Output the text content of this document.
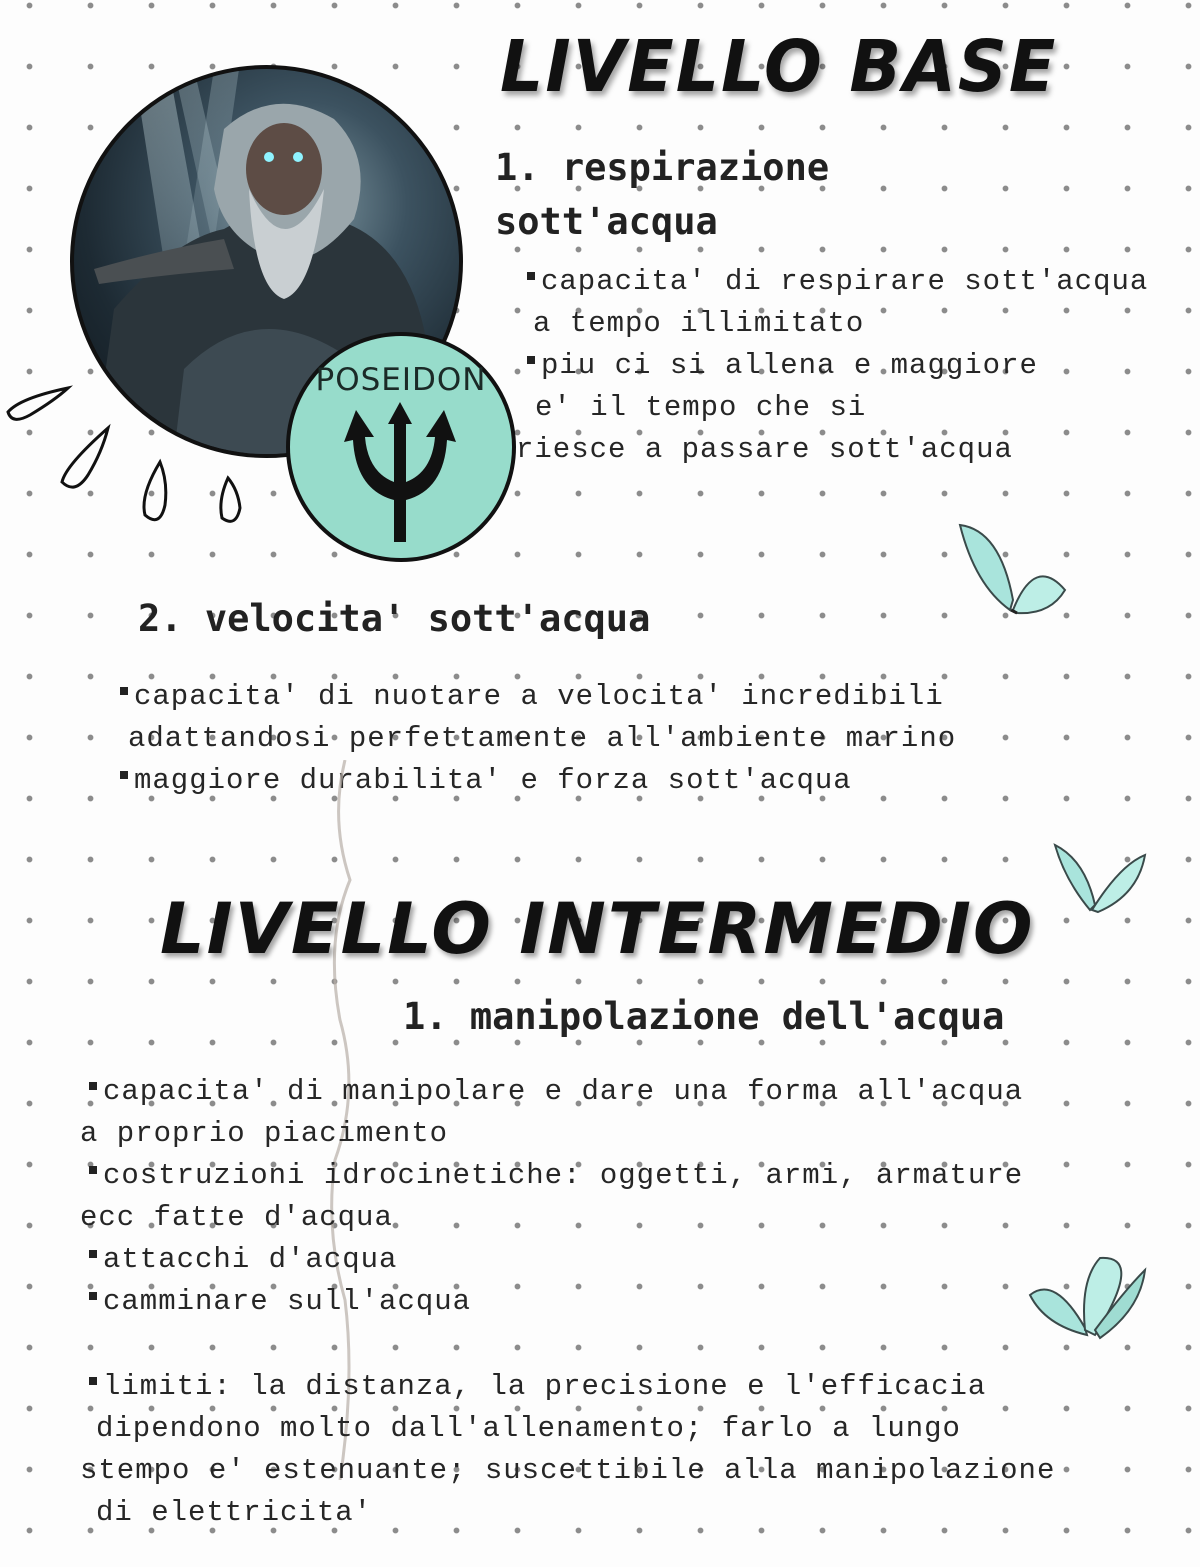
LIVELLO BASE
POSEIDON
1. respirazione
sott'acqua
capacita' di respirare sott'acqua
a tempo illimitato
piu ci si allena e maggiore
e' il tempo che si
riesce a passare sott'acqua
2. velocita' sott'acqua
capacita' di nuotare a velocita' incredibili
adattandosi perfettamente all'ambiente marino
maggiore durabilita' e forza sott'acqua
LIVELLO INTERMEDIO
1. manipolazione dell'acqua
capacita' di manipolare e dare una forma all'acqua
a proprio piacimento
costruzioni idrocinetiche: oggetti, armi, armature
ecc fatte d'acqua
attacchi d'acqua
camminare sull'acqua
limiti: la distanza, la precisione e l'efficacia
dipendono molto dall'allenamento; farlo a lungo
stempo e' estenuante; suscettibile alla manipolazione
di elettricita'
